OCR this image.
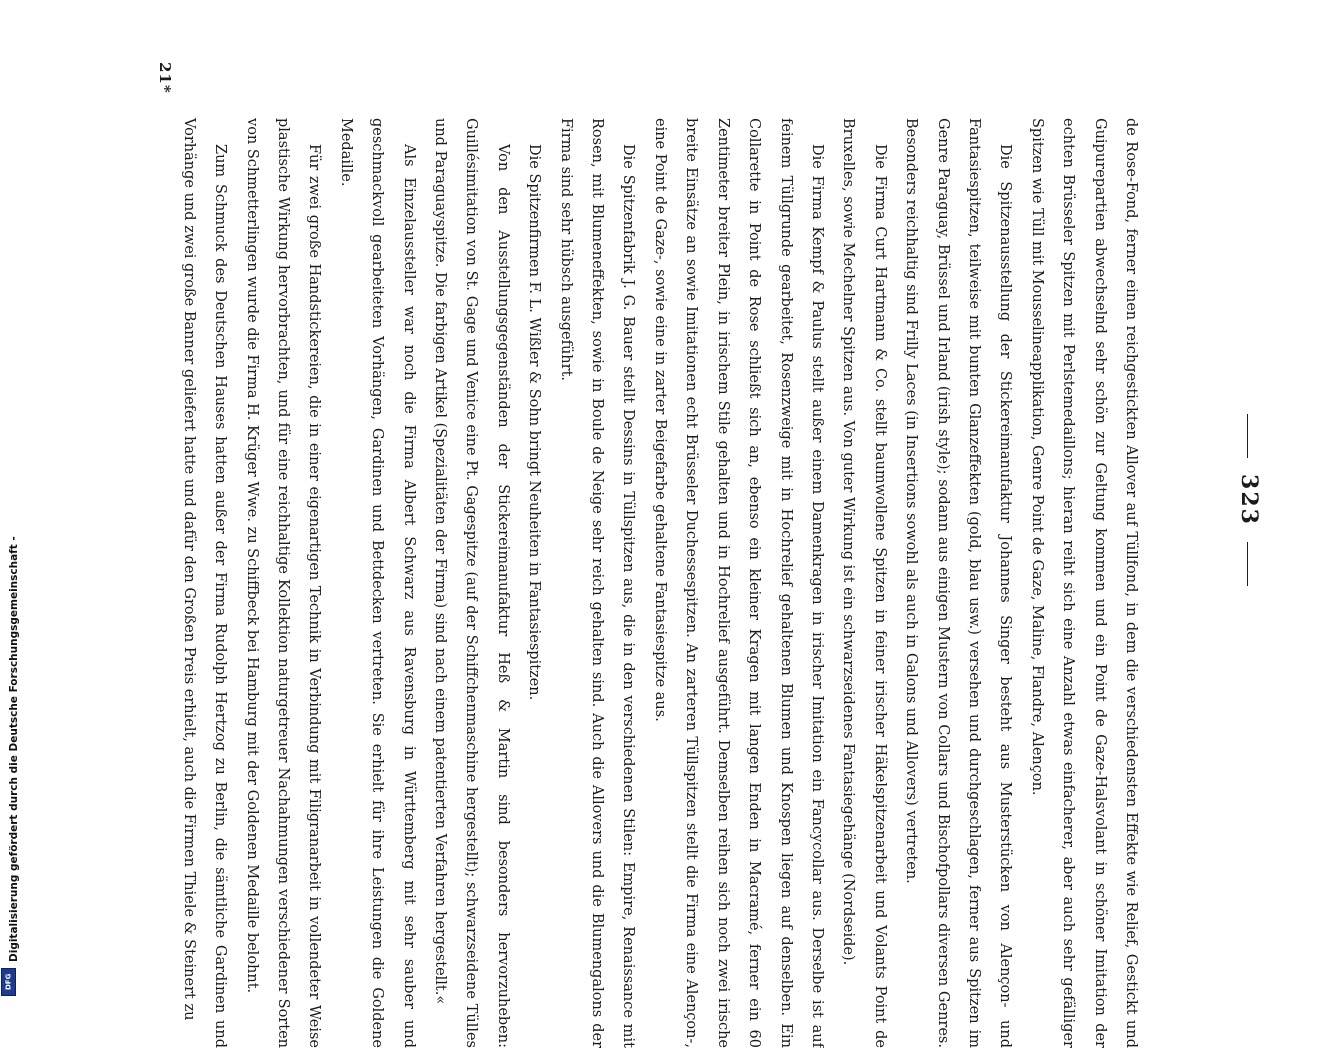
Digitalisierung gefördert durch die Deutsche Forschungsgemeinschaft -
DFG
323

de Rose-Fond, ferner einen reichgestickten Allover auf Tüllfond, in dem die verschiedensten Effekte wie Relief, Gestickt und Guipurepartien abwechselnd sehr schön zur Geltung kommen und ein Point de Gaze-Halsvolant in schöner Imitation der echten Brüsseler Spitzen mit Perlstemedaillons; hieran reiht sich eine Anzahl etwas einfacherer, aber auch sehr gefälliger Spitzen wie Tüll mit Mousselineapplikation, Genre Point de Gaze, Maline, Flandre, Alençon.

Die Spitzenausstellung der Stickereimanufaktur Johannes Singer besteht aus Musterstücken von Alençon- und Fantasiespitzen, teilweise mit bunten Glanzeffekten (gold, blau usw.) versehen und durchgeschlagen, ferner aus Spitzen im Genre Paraguay, Brüssel und Irland (irish style); sodann aus einigen Mustern von Collars und Bischofpollars diversen Genres. Besonders reichhaltig sind Frilly Laces (in Insertions sowohl als auch in Galons und Allovers) vertreten.

Die Firma Curt Hartmann & Co. stellt baumwollene Spitzen in feiner irischer Häkelspitzenarbeit und Volants Point de Bruxelles, sowie Mechelner Spitzen aus. Von guter Wirkung ist ein schwarzseidenes Fantasiegehänge (Nordseide).

Die Firma Kempf & Paulus stellt außer einem Damenkragen in irischer Imitation ein Fancycollar aus. Derselbe ist auf feinem Tüllgrunde gearbeitet, Rosenzweige mit in Hochrelief gehaltenen Blumen und Knospen liegen auf denselben. Ein Collarette in Point de Rose schließt sich an, ebenso ein kleiner Kragen mit langen Enden in Macramé, ferner ein 60 Zentimeter breiter Plein, in irischem Stile gehalten und in Hochrelief ausgeführt. Demselben reihen sich noch zwei irische breite Einsätze an sowie Imitationen echt Brüsseler Duchessespitzen. An zarteren Tüllspitzen stellt die Firma eine Alençon-, eine Point de Gaze-, sowie eine in zarter Beigefarbe gehaltene Fantasiespitze aus.

Die Spitzenfabrik J. G. Bauer stellt Dessins in Tüllspitzen aus, die in den verschiedenen Stilen: Empire, Renaissance mit Rosen, mit Blumeneffekten, sowie in Boule de Neige sehr reich gehalten sind. Auch die Allovers und die Blumengalons der Firma sind sehr hübsch ausgeführt.

Die Spitzenfirmen F. L. Wißler & Sohn bringt Neuheiten in Fantasiespitzen.

Von den Ausstellungsgegenständen der Stickereimanufaktur Heß & Martin sind besonders hervorzuheben: Guillésimitation von St. Gage und Venice eine Pt. Gagespitze (auf der Schiffchenmaschine hergestellt); schwarzseidene Tülles und Paraguayspitze. Die farbigen Artikel (Spezialitäten der Firma) sind nach einem patentierten Verfahren hergestellt.«

Als Einzelaussteller war noch die Firma Albert Schwarz aus Ravensburg in Württemberg mit sehr sauber und geschmackvoll gearbeiteten Vorhängen, Gardinen und Bettdecken vertreten. Sie erhielt für ihre Leistungen die Goldene Medaille.

Für zwei große Handstickereien, die in einer eigenartigen Technik in Verbindung mit Filigranarbeit in vollendeter Weise plastische Wirkung hervorbrachten, und für eine reichhaltige Kollektion naturgetreuer Nachahmungen verschiedener Sorten von Schmetterlingen wurde die Firma H. Krüger Wwe. zu Schiffbeck bei Hamburg mit der Goldenen Medaille belohnt.

Zum Schmuck des Deutschen Hauses hatten außer der Firma Rudolph Hertzog zu Berlin, die sämtliche Gardinen und Vorhänge und zwei große Banner geliefert hatte und dafür den Großen Preis erhielt, auch die Firmen Thiele & Steinert zu

21*
